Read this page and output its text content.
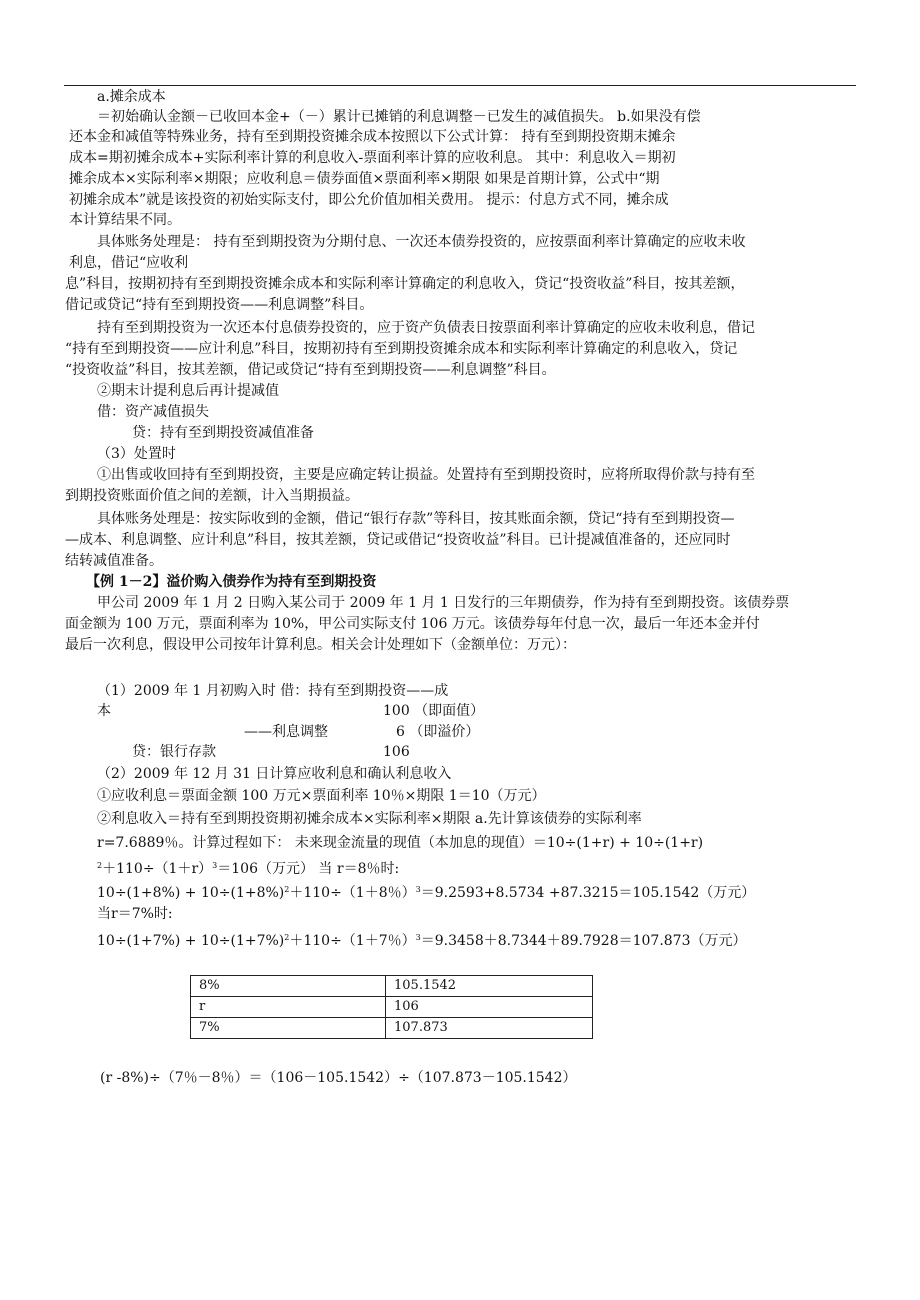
a.摊余成本
＝初始确认金额－已收回本金+（－）累计已摊销的利息调整－已发生的减值损失。 b.如果没有偿
还本金和减值等特殊业务，持有至到期投资摊余成本按照以下公式计算： 持有至到期投资期末摊余
成本=期初摊余成本+实际利率计算的利息收入-票面利率计算的应收利息。 其中：利息收入＝期初
摊余成本×实际利率×期限；应收利息＝债券面值×票面利率×期限 如果是首期计算，公式中“期
初摊余成本”就是该投资的初始实际支付，即公允价值加相关费用。 提示：付息方式不同，摊余成
本计算结果不同。
具体账务处理是： 持有至到期投资为分期付息、一次还本债券投资的，应按票面利率计算确定的应收未收
利息，借记“应收利
息”科目，按期初持有至到期投资摊余成本和实际利率计算确定的利息收入，贷记“投资收益”科目，按其差额，
借记或贷记“持有至到期投资——利息调整”科目。
持有至到期投资为一次还本付息债券投资的，应于资产负债表日按票面利率计算确定的应收未收利息，借记
“持有至到期投资——应计利息”科目，按期初持有至到期投资摊余成本和实际利率计算确定的利息收入，贷记
“投资收益”科目，按其差额，借记或贷记“持有至到期投资——利息调整”科目。
②期末计提利息后再计提减值
借：资产减值损失
贷：持有至到期投资减值准备
（3）处置时
①出售或收回持有至到期投资，主要是应确定转让损益。处置持有至到期投资时，应将所取得价款与持有至
到期投资账面价值之间的差额，计入当期损益。
具体账务处理是：按实际收到的金额，借记“银行存款”等科目，按其账面余额，贷记“持有至到期投资—
—成本、利息调整、应计利息”科目，按其差额，贷记或借记“投资收益”科目。已计提减值准备的，还应同时
结转减值准备。
【例 1－2】溢价购入债券作为持有至到期投资
甲公司 2009 年 1 月 2 日购入某公司于 2009 年 1 月 1 日发行的三年期债券，作为持有至到期投资。该债券票
面金额为 100 万元，票面利率为 10%，甲公司实际支付 106 万元。该债券每年付息一次，最后一年还本金并付
最后一次利息，假设甲公司按年计算利息。相关会计处理如下（金额单位：万元）：
（1）2009 年 1 月初购入时 借：持有至到期投资——成
本	100 （即面值）
——利息调整	6 （即溢价）
贷：银行存款	106
（2）2009 年 12 月 31 日计算应收利息和确认利息收入
①应收利息＝票面金额 100 万元×票面利率 10％×期限 1＝10（万元）
②利息收入＝持有至到期投资期初摊余成本×实际利率×期限 a.先计算该债券的实际利率
r=7.6889％。计算过程如下： 未来现金流量的现值（本加息的现值）＝10÷(1+r) + 10÷(1+r)
$^2+110\div(1+r)^3=106$（万元） 当 r＝8％时:
$10\div(1+8\%) + 10\div(1+8\%)^2+110\div(1+8$％）$^3$＝9.2593+8.5734 +87.3215＝105.1542（万元）
当r＝7%时:
$10\div(1+7\%) + 10\div(1+7\%)^2+110\div(1+7$％）$^3$＝9.3458＋8.7344＋89.7928＝107.873（万元）
8%	105.1542
r	106
7%	107.873
(r -8%)÷（7％－8％）＝（106－105.1542）÷（107.873－105.1542）
